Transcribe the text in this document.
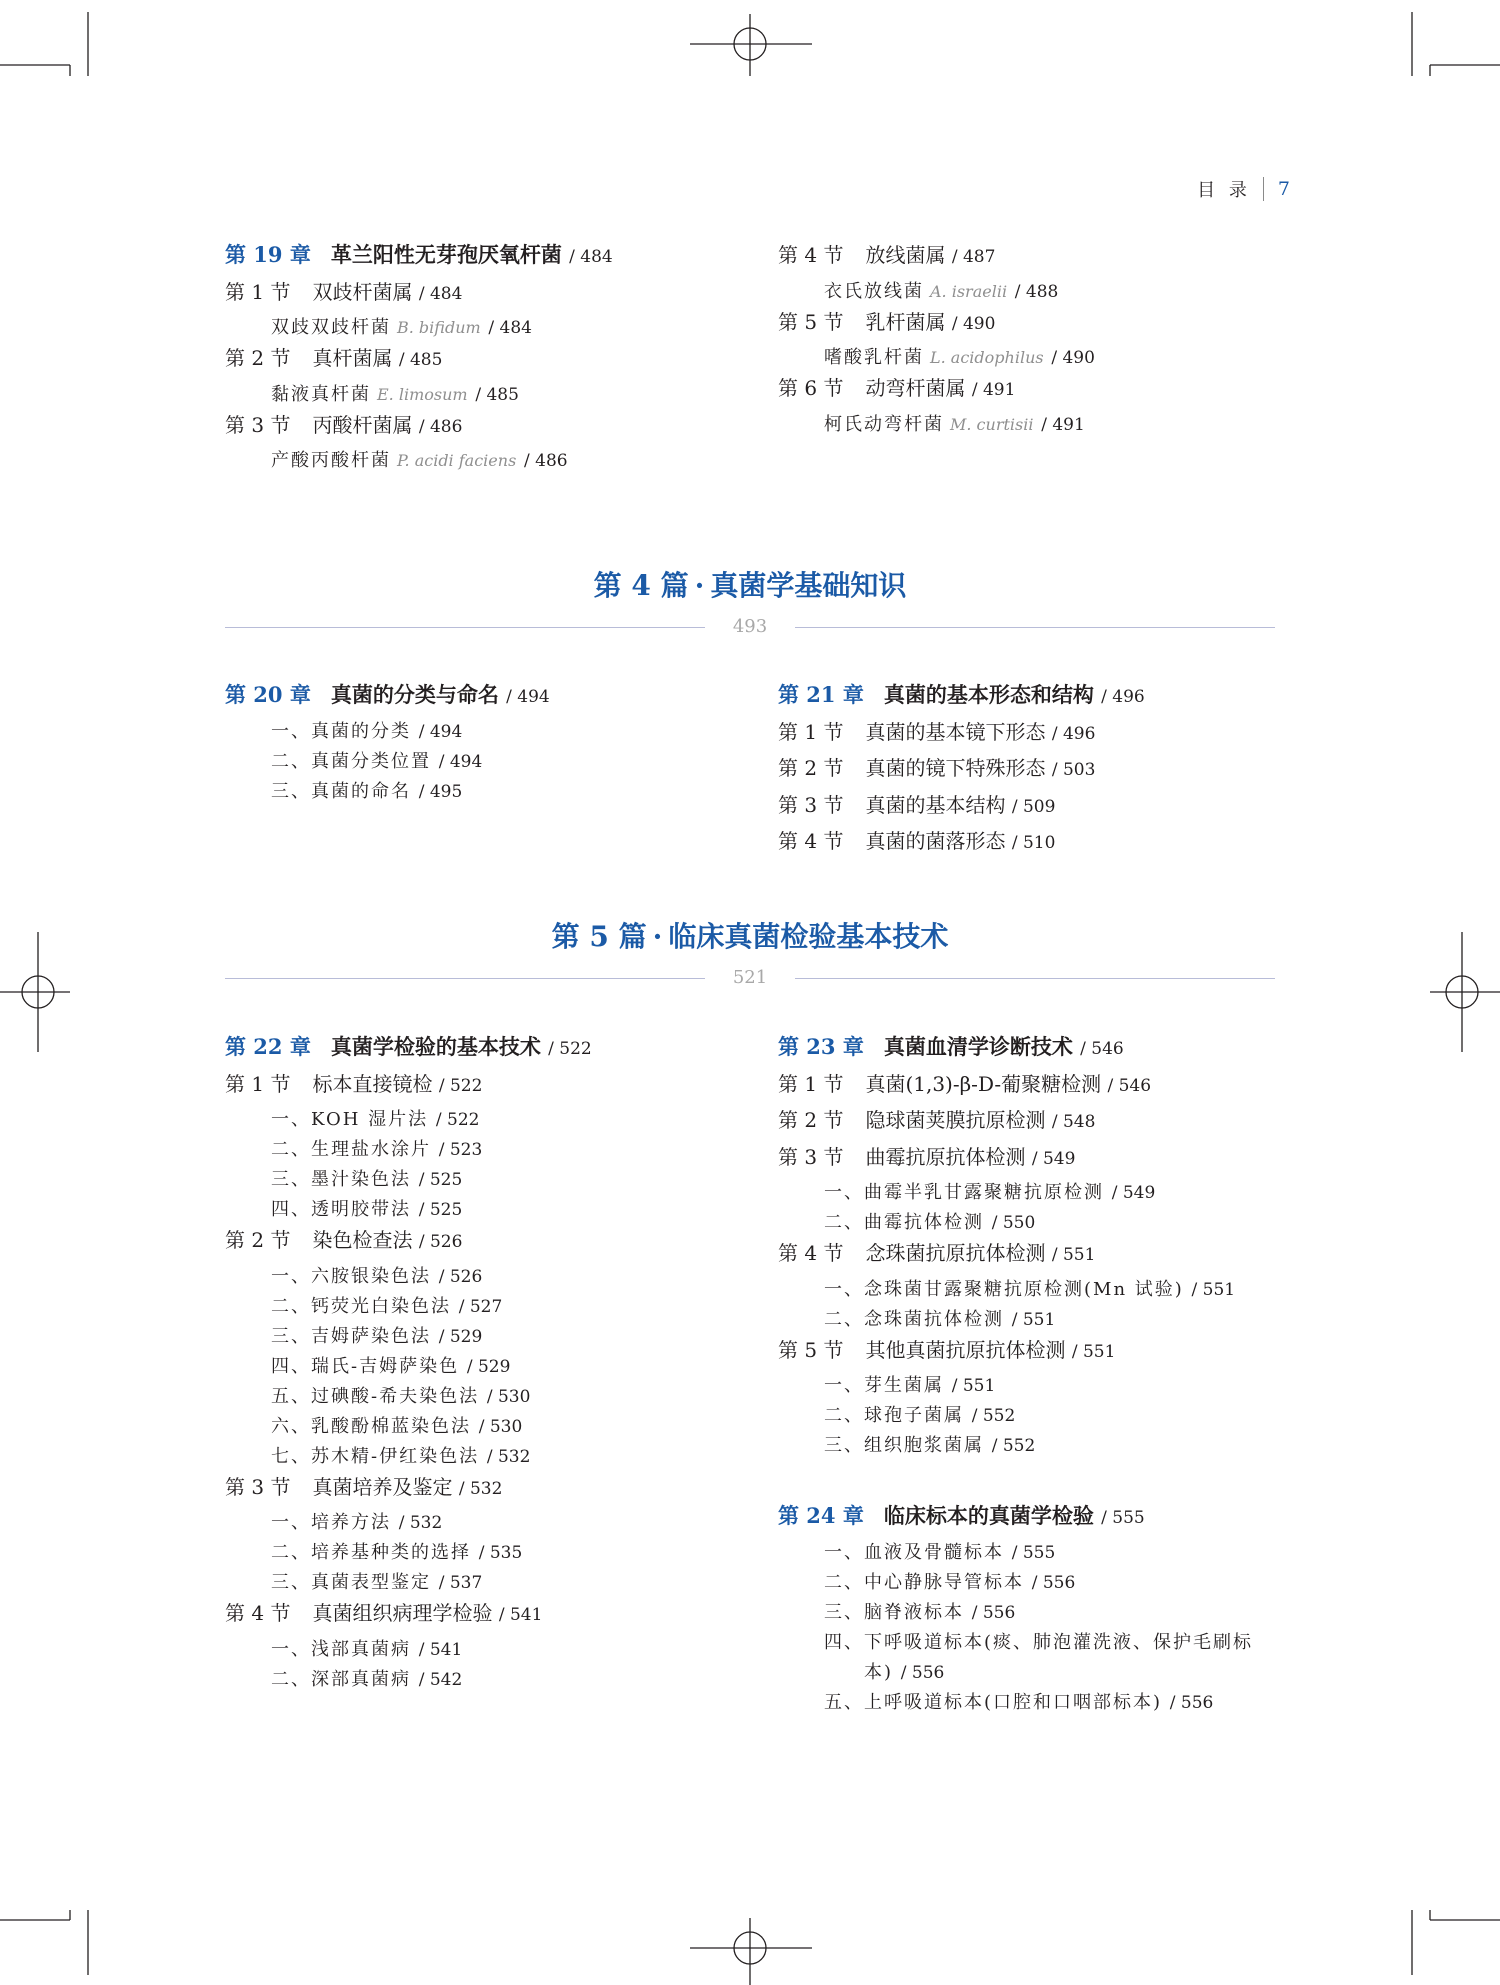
目 录 7
第 19 章 革兰阳性无芽孢厌氧杆菌 / 484
第 1 节 双歧杆菌属 / 484
双歧双歧杆菌 B. bifidum / 484
第 2 节 真杆菌属 / 485
黏液真杆菌 E. limosum / 485
第 3 节 丙酸杆菌属 / 486
产酸丙酸杆菌 P. acidi faciens / 486
第 4 节 放线菌属 / 487
衣氏放线菌 A. israelii / 488
第 5 节 乳杆菌属 / 490
嗜酸乳杆菌 L. acidophilus / 490
第 6 节 动弯杆菌属 / 491
柯氏动弯杆菌 M. curtisii / 491
第 4 篇 · 真菌学基础知识
493
第 20 章 真菌的分类与命名 / 494
一、真菌的分类 / 494
二、真菌分类位置 / 494
三、真菌的命名 / 495
第 21 章 真菌的基本形态和结构 / 496
第 1 节 真菌的基本镜下形态 / 496
第 2 节 真菌的镜下特殊形态 / 503
第 3 节 真菌的基本结构 / 509
第 4 节 真菌的菌落形态 / 510
第 5 篇 · 临床真菌检验基本技术
521
第 22 章 真菌学检验的基本技术 / 522
第 1 节 标本直接镜检 / 522
一、KOH 湿片法 / 522
二、生理盐水涂片 / 523
三、墨汁染色法 / 525
四、透明胶带法 / 525
第 2 节 染色检查法 / 526
一、六胺银染色法 / 526
二、钙荧光白染色法 / 527
三、吉姆萨染色法 / 529
四、瑞氏-吉姆萨染色 / 529
五、过碘酸-希夫染色法 / 530
六、乳酸酚棉蓝染色法 / 530
七、苏木精-伊红染色法 / 532
第 3 节 真菌培养及鉴定 / 532
一、培养方法 / 532
二、培养基种类的选择 / 535
三、真菌表型鉴定 / 537
第 4 节 真菌组织病理学检验 / 541
一、浅部真菌病 / 541
二、深部真菌病 / 542
第 23 章 真菌血清学诊断技术 / 546
第 1 节 真菌(1,3)-β-D-葡聚糖检测 / 546
第 2 节 隐球菌荚膜抗原检测 / 548
第 3 节 曲霉抗原抗体检测 / 549
一、曲霉半乳甘露聚糖抗原检测 / 549
二、曲霉抗体检测 / 550
第 4 节 念珠菌抗原抗体检测 / 551
一、念珠菌甘露聚糖抗原检测(Mn 试验) / 551
二、念珠菌抗体检测 / 551
第 5 节 其他真菌抗原抗体检测 / 551
一、芽生菌属 / 551
二、球孢子菌属 / 552
三、组织胞浆菌属 / 552
第 24 章 临床标本的真菌学检验 / 555
一、血液及骨髓标本 / 555
二、中心静脉导管标本 / 556
三、脑脊液标本 / 556
四、下呼吸道标本(痰、肺泡灌洗液、保护毛刷标
本) / 556
五、上呼吸道标本(口腔和口咽部标本) / 556
